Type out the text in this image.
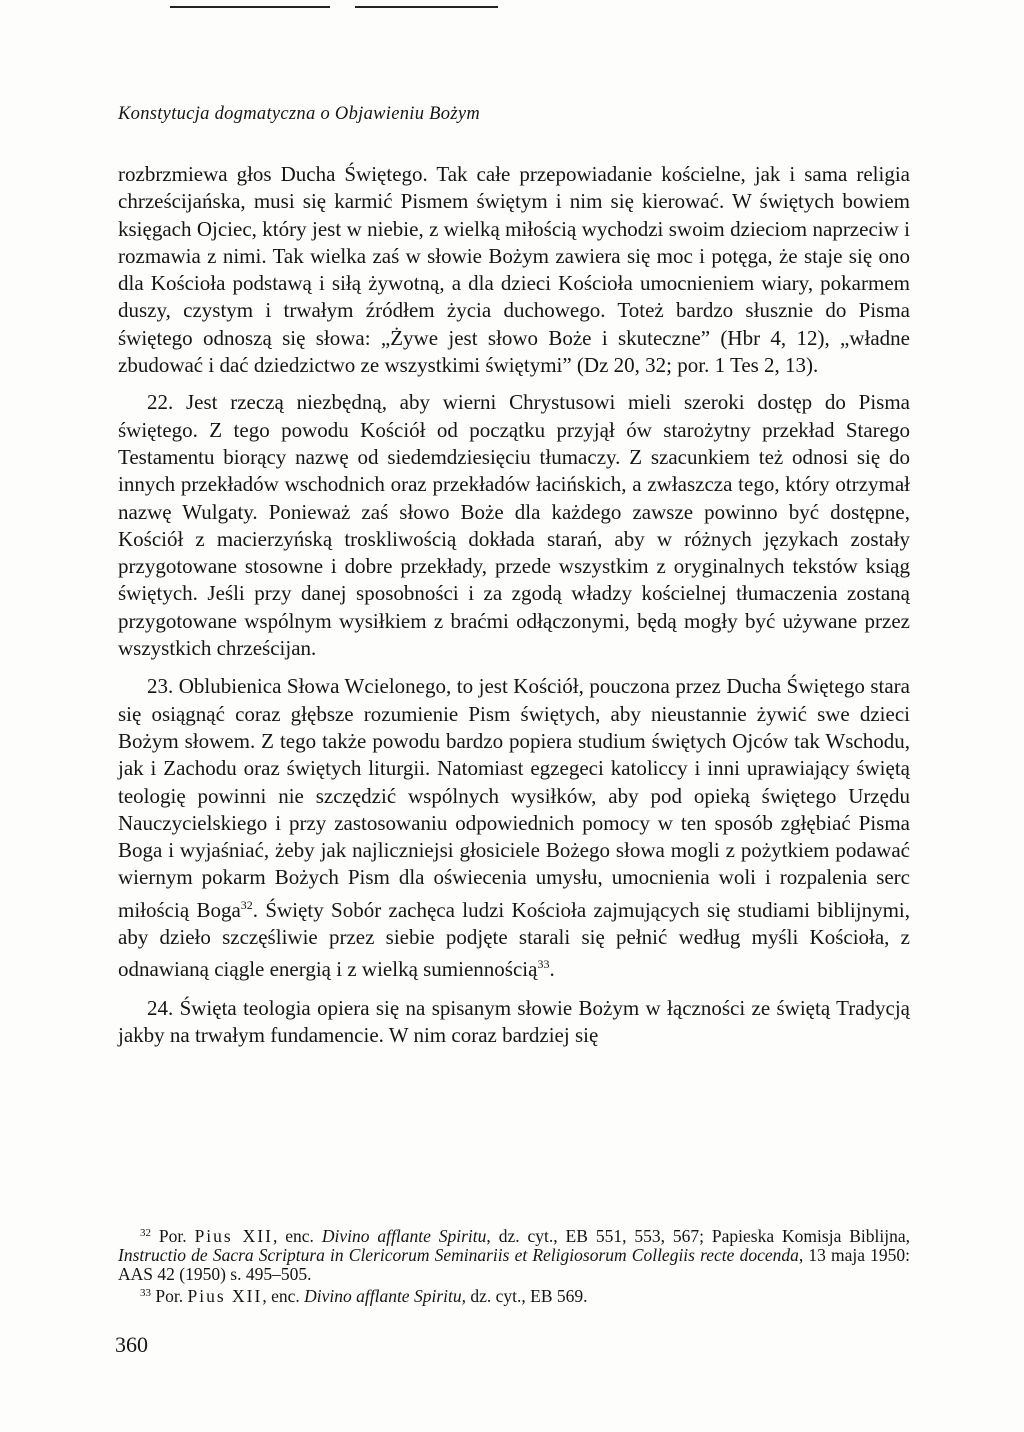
Konstytucja dogmatyczna o Objawieniu Bożym

rozbrzmiewa głos Ducha Świętego. Tak całe przepowiadanie kościelne, jak i sama religia chrześcijańska, musi się karmić Pismem świętym i nim się kierować. W świętych bowiem księgach Ojciec, który jest w niebie, z wielką miłością wychodzi swoim dzieciom naprzeciw i rozmawia z nimi. Tak wielka zaś w słowie Bożym zawiera się moc i potęga, że staje się ono dla Kościoła podstawą i siłą żywotną, a dla dzieci Kościoła umocnieniem wiary, pokarmem duszy, czystym i trwałym źródłem życia duchowego. Toteż bardzo słusznie do Pisma świętego odnoszą się słowa: „Żywe jest słowo Boże i skuteczne” (Hbr 4, 12), „władne zbudować i dać dziedzictwo ze wszystkimi świętymi” (Dz 20, 32; por. 1 Tes 2, 13).

22. Jest rzeczą niezbędną, aby wierni Chrystusowi mieli szeroki dostęp do Pisma świętego. Z tego powodu Kościół od początku przyjął ów starożytny przekład Starego Testamentu biorący nazwę od siedemdziesięciu tłumaczy. Z szacunkiem też odnosi się do innych przekładów wschodnich oraz przekładów łacińskich, a zwłaszcza tego, który otrzymał nazwę Wulgaty. Ponieważ zaś słowo Boże dla każdego zawsze powinno być dostępne, Kościół z macierzyńską troskliwością dokłada starań, aby w różnych językach zostały przygotowane stosowne i dobre przekłady, przede wszystkim z oryginalnych tekstów ksiąg świętych. Jeśli przy danej sposobności i za zgodą władzy kościelnej tłumaczenia zostaną przygotowane wspólnym wysiłkiem z braćmi odłączonymi, będą mogły być używane przez wszystkich chrześcijan.

23. Oblubienica Słowa Wcielonego, to jest Kościół, pouczona przez Ducha Świętego stara się osiągnąć coraz głębsze rozumienie Pism świętych, aby nieustannie żywić swe dzieci Bożym słowem. Z tego także powodu bardzo popiera studium świętych Ojców tak Wschodu, jak i Zachodu oraz świętych liturgii. Natomiast egzegeci katoliccy i inni uprawiający świętą teologię powinni nie szczędzić wspólnych wysiłków, aby pod opieką świętego Urzędu Nauczycielskiego i przy zastosowaniu odpowiednich pomocy w ten sposób zgłębiać Pisma Boga i wyjaśniać, żeby jak najliczniejsi głosiciele Bożego słowa mogli z pożytkiem podawać wiernym pokarm Bożych Pism dla oświecenia umysłu, umocnienia woli i rozpalenia serc miłością Boga$^{32}$. Święty Sobór zachęca ludzi Kościoła zajmujących się studiami biblijnymi, aby dzieło szczęśliwie przez siebie podjęte starali się pełnić według myśli Kościoła, z odnawianą ciągle energią i z wielką sumiennością$^{33}$.

24. Święta teologia opiera się na spisanym słowie Bożym w łączności ze świętą Tradycją jakby na trwałym fundamencie. W nim coraz bardziej się

$^{32}$ Por. Pius XII, enc. Divino afflante Spiritu, dz. cyt., EB 551, 553, 567; Papieska Komisja Biblijna, Instructio de Sacra Scriptura in Clericorum Seminariis et Religiosorum Collegiis recte docenda, 13 maja 1950: AAS 42 (1950) s. 495–505.

$^{33}$ Por. Pius XII, enc. Divino afflante Spiritu, dz. cyt., EB 569.

360
